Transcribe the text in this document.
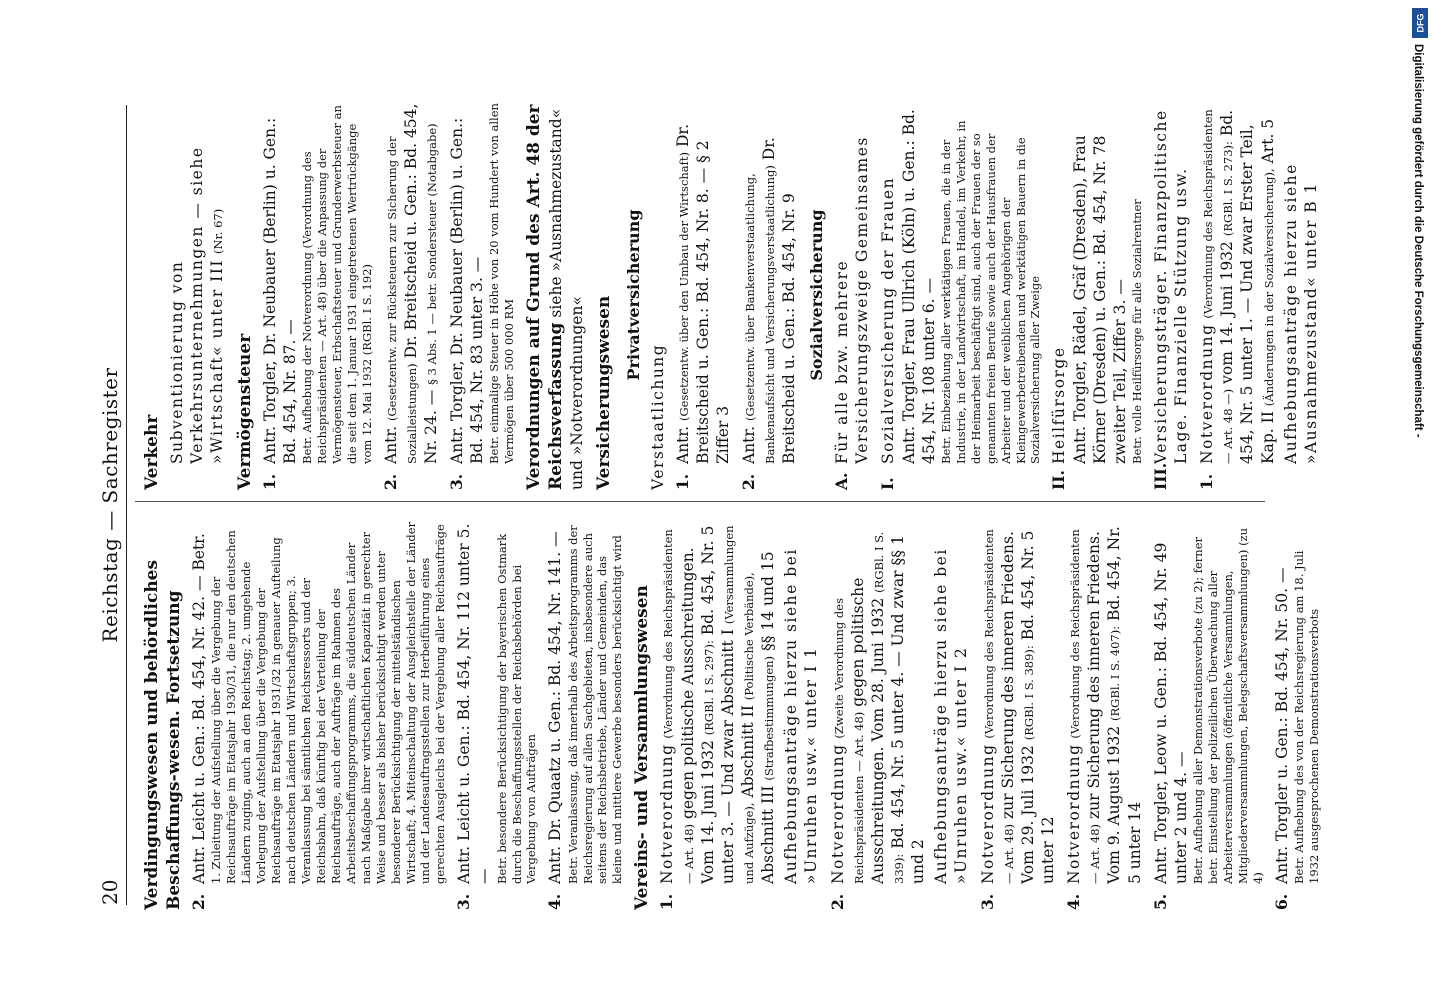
20
Reichstag — Sachregister
Verdingungswesen und behördliches Beschaffungs-wesen. Fortsetzung 2.
Antr. Leicht u. Gen.: Bd. 454, Nr. 42. — Betr. 1. Zuleitung der Aufstellung über die Vergebung der Reichsaufträge im Etatsjahr 1930/31, die nur den deutschen Ländern zuging, auch an den Reichstag; 2. umgehende Vorlegung der Aufstellung über die Vergebung der Reichsaufträge im Etatsjahr 1931/32 in genauer Aufteilung nach deutschen Ländern und Wirtschaftsgruppen; 3. Veranlassung bei sämtlichen Reichsressorts und der Reichsbahn, daß künftig bei der Verteilung der Reichsaufträge, auch der Aufträge im Rahmen des Arbeitsbeschaffungsprogramms, die süddeutschen Länder nach Maßgabe ihrer wirtschaftlichen Kapazität in gerechter Weise und besser als bisher berücksichtigt werden unter besonderer Berücksichtigung der mittelständischen Wirtschaft; 4. Miteinschaltung der Ausgleichstelle der Länder und der Landesauftragsstellen zur Herbeiführung eines gerechten Ausgleichs bei der Vergebung aller Reichsaufträge
3.
Antr. Leicht u. Gen.: Bd. 454, Nr. 112 unter 5. — Betr. besondere Berücksichtigung der bayerischen Ostmark durch die Beschaffungsstellen der Reichsbehörden bei Vergebung von Aufträgen
4.
Antr. Dr. Quaatz u. Gen.: Bd. 454, Nr. 141. — Betr. Veranlassung, daß innerhalb des Arbeitsprogramms der Reichsregierung auf allen Sachgebieten, insbesondere auch seitens der Reichsbetriebe, Länder und Gemeinden, das kleine und mittlere Gewerbe besonders berücksichtigt wird Vereins- und Versammlungswesen 1.
Notverordnung (Verordnung des Reichspräsidenten — Art. 48) gegen politische Ausschreitungen. Vom 14. Juni 1932 (RGBl. I S. 297): Bd. 454, Nr. 5 unter 3. — Und zwar Abschnitt I (Versammlungen und Aufzüge), Abschnitt II (Politische Verbände), Abschnitt III (Strafbestimmungen) §§ 14 und 15 Aufhebungsanträge hierzu siehe bei »Unruhen usw.« unter I 1
2.
Notverordnung (Zweite Verordnung des Reichspräsidenten — Art. 48) gegen politische Ausschreitungen. Vom 28. Juni 1932 (RGBl. I S. 339): Bd. 454, Nr. 5 unter 4. — Und zwar §§ 1 und 2 Aufhebungsanträge hierzu siehe bei »Unruhen usw.« unter I 2
3.
Notverordnung (Verordnung des Reichspräsidenten — Art. 48) zur Sicherung des inneren Friedens. Vom 29. Juli 1932 (RGBl. I S. 389): Bd. 454, Nr. 5 unter 12
4.
Notverordnung (Verordnung des Reichspräsidenten — Art. 48) zur Sicherung des inneren Friedens. Vom 9. August 1932 (RGBl. I S. 407): Bd. 454, Nr. 5 unter 14
5.
Antr. Torgler, Leow u. Gen.: Bd. 454, Nr. 49 unter 2 und 4. — Betr. Aufhebung aller Demonstrationsverbote (zu 2); ferner betr. Einstellung der polizeilichen Überwachung aller Arbeiterversammlungen (öffentliche Versammlungen, Mitgliederversammlungen, Belegschaftsversammlungen) (zu 4)
6.
Antr. Torgler u. Gen.: Bd. 454, Nr. 50. — Betr. Aufhebung des von der Reichsregierung am 18. Juli 1932 ausgesprochenen Demonstrationsverbots
Verkehr Subventionierung von Verkehrsunternehmungen — siehe »Wirtschaft« unter III (Nr. 67)
Vermögensteuer 1.
Antr. Torgler, Dr. Neubauer (Berlin) u. Gen.: Bd. 454, Nr. 87. — Betr. Aufhebung der Notverordnung (Verordnung des Reichspräsidenten — Art. 48) über die Anpassung der Vermögensteuer, Erbschaftsteuer und Grunderwerbsteuer an die seit dem 1. Januar 1931 eingetretenen Wertrückgänge vom 12. Mai 1932 (RGBl. I S. 192)
2.
Antr. (Gesetzentw. zur Rücksteuern zur Sicherung der Sozialleistungen) Dr. Breitscheid u. Gen.: Bd. 454, Nr. 24. — § 3 Abs. 1 — betr. Sondersteuer (Notabgabe)
3.
Antr. Torgler, Dr. Neubauer (Berlin) u. Gen.: Bd. 454, Nr. 83 unter 3. — Betr. einmalige Steuer in Höhe von 20 vom Hundert von allen Vermögen über 500 000 RM Verordnungen auf Grund des Art. 48 der Reichsverfassung siehe »Ausnahmezustand« und »Notverordnungen« Versicherungswesen
Privatversicherung
Verstaatlichung 1.
Antr. (Gesetzentw. über den Umbau der Wirtschaft) Dr. Breitscheid u. Gen.: Bd. 454, Nr. 8. — § 2 Ziffer 3
2.
Antr. (Gesetzentw. über Bankenverstaatlichung, Bankenaufsicht und Versicherungsverstaatlichung) Dr. Breitscheid u. Gen.: Bd. 454, Nr. 9 Sozialversicherung
A.
Für alle bzw. mehrere Versicherungszweige Gemeinsames
I.
Sozialversicherung der Frauen Antr. Torgler, Frau Ullrich (Köln) u. Gen.: Bd. 454, Nr. 108 unter 6. — Betr. Einbeziehung aller werktätigen Frauen, die in der Industrie, in der Landwirtschaft, im Handel, im Verkehr, in der Heimarbeit beschäftigt sind, auch der Frauen der so genannten freien Berufe sowie auch der Hausfrauen der Arbeiter und der weiblichen Angehörigen der Kleingewerbetreibenden und werktätigen Bauern in die Sozialversicherung aller Zweige
II.
Heilfürsorge Antr. Torgler, Rädel, Gräf (Dresden), Frau Körner (Dresden) u. Gen.: Bd. 454, Nr. 78 zweiter Teil, Ziffer 3. — Betr. volle Heilfürsorge für alle Sozialrentner
III.
Versicherungsträger. Finanzpolitische Lage. Finanzielle Stützung usw.
1.
Notverordnung (Verordnung des Reichspräsidenten — Art. 48 —) vom 14. Juni 1932 (RGBl. I S. 273): Bd. 454, Nr. 5 unter 1. — Und zwar Erster Teil, Kap. II (Änderungen in der Sozialversicherung), Art. 5
Aufhebungsanträge hierzu siehe »Ausnahmezustand« unter B 1
DFG
Digitalisierung gefördert durch die Deutsche Forschungsgemeinschaft -
